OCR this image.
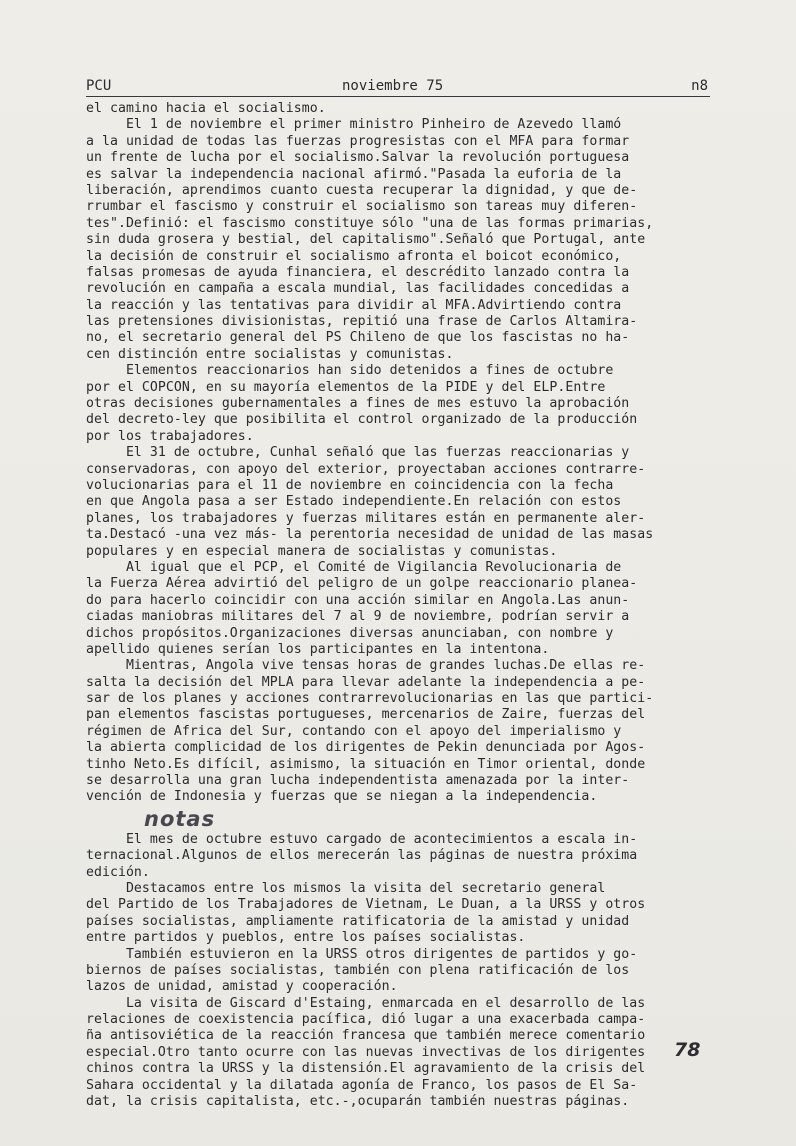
PCU	noviembre 75	n8
el camino hacia el socialismo.
El 1 de noviembre el primer ministro Pinheiro de Azevedo llamó
a la unidad de todas las fuerzas progresistas con el MFA para formar
un frente de lucha por el socialismo.Salvar la revolución portuguesa
es salvar la independencia nacional afirmó."Pasada la euforia de la
liberación, aprendimos cuanto cuesta recuperar la dignidad, y que de-
rrumbar el fascismo y construir el socialismo son tareas muy diferen-
tes".Definió: el fascismo constituye sólo "una de las formas primarias,
sin duda grosera y bestial, del capitalismo".Señaló que Portugal, ante
la decisión de construir el socialismo afronta el boicot económico,
falsas promesas de ayuda financiera, el descrédito lanzado contra la
revolución en campaña a escala mundial, las facilidades concedidas a
la reacción y las tentativas para dividir al MFA.Advirtiendo contra
las pretensiones divisionistas, repitió una frase de Carlos Altamira-
no, el secretario general del PS Chileno de que los fascistas no ha-
cen distinción entre socialistas y comunistas.
Elementos reaccionarios han sido detenidos a fines de octubre
por el COPCON, en su mayoría elementos de la PIDE y del ELP.Entre
otras decisiones gubernamentales a fines de mes estuvo la aprobación
del decreto-ley que posibilita el control organizado de la producción
por los trabajadores.
El 31 de octubre, Cunhal señaló que las fuerzas reaccionarias y
conservadoras, con apoyo del exterior, proyectaban acciones contrarre-
volucionarias para el 11 de noviembre en coincidencia con la fecha
en que Angola pasa a ser Estado independiente.En relación con estos
planes, los trabajadores y fuerzas militares están en permanente aler-
ta.Destacó -una vez más- la perentoria necesidad de unidad de las masas
populares y en especial manera de socialistas y comunistas.
Al igual que el PCP, el Comité de Vigilancia Revolucionaria de
la Fuerza Aérea advirtió del peligro de un golpe reaccionario planea-
do para hacerlo coincidir con una acción similar en Angola.Las anun-
ciadas maniobras militares del 7 al 9 de noviembre, podrían servir a
dichos propósitos.Organizaciones diversas anunciaban, con nombre y
apellido quienes serían los participantes en la intentona.
Mientras, Angola vive tensas horas de grandes luchas.De ellas re-
salta la decisión del MPLA para llevar adelante la independencia a pe-
sar de los planes y acciones contrarrevolucionarias en las que partici-
pan elementos fascistas portugueses, mercenarios de Zaire, fuerzas del
régimen de Africa del Sur, contando con el apoyo del imperialismo y
la abierta complicidad de los dirigentes de Pekin denunciada por Agos-
tinho Neto.Es difícil, asimismo, la situación en Timor oriental, donde
se desarrolla una gran lucha independentista amenazada por la inter-
vención de Indonesia y fuerzas que se niegan a la independencia.
notas
El mes de octubre estuvo cargado de acontecimientos a escala in-
ternacional.Algunos de ellos merecerán las páginas de nuestra próxima
edición.
Destacamos entre los mismos la visita del secretario general
del Partido de los Trabajadores de Vietnam, Le Duan, a la URSS y otros
países socialistas, ampliamente ratificatoria de la amistad y unidad
entre partidos y pueblos, entre los países socialistas.
También estuvieron en la URSS otros dirigentes de partidos y go-
biernos de países socialistas, también con plena ratificación de los
lazos de unidad, amistad y cooperación.
La visita de Giscard d'Estaing, enmarcada en el desarrollo de las
relaciones de coexistencia pacífica, dió lugar a una exacerbada campa-
ña antisoviética de la reacción francesa que también merece comentario
especial.Otro tanto ocurre con las nuevas invectivas de los dirigentes
chinos contra la URSS y la distensión.El agravamiento de la crisis del
Sahara occidental y la dilatada agonía de Franco, los pasos de El Sa-
dat, la crisis capitalista, etc.-,ocuparán también nuestras páginas.
78
